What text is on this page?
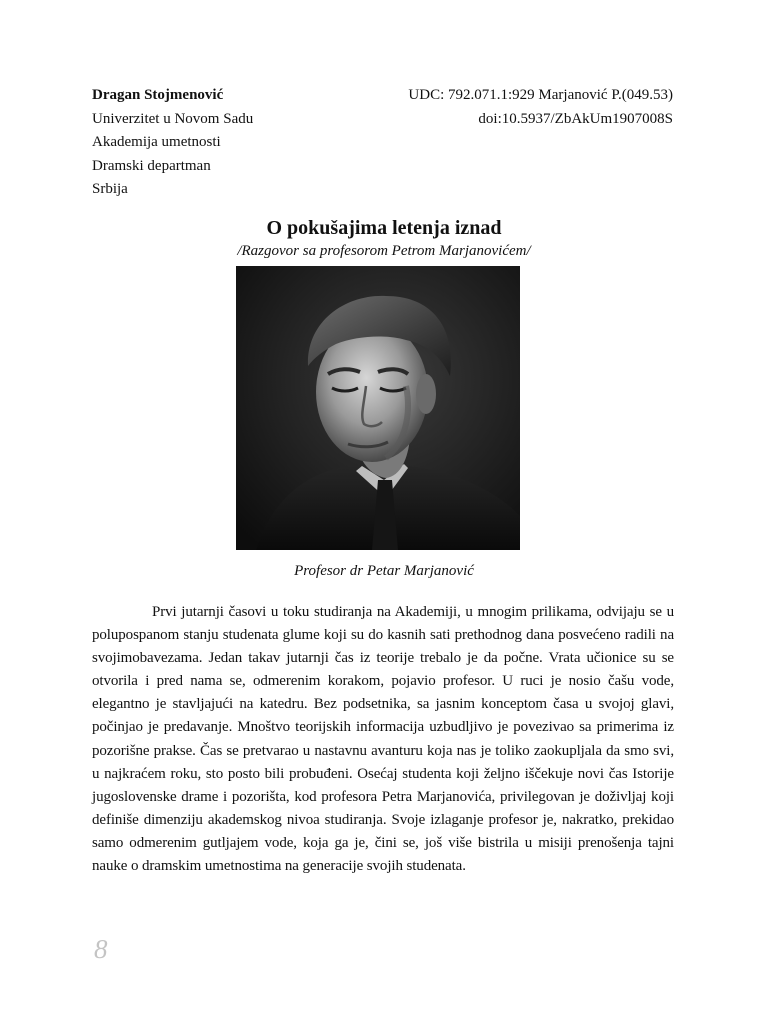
Dragan Stojmenović
Univerzitet u Novom Sadu
Akademija umetnosti
Dramski departman
Srbija
UDC: 792.071.1:929 Marjanović P.(049.53)
doi:10.5937/ZbAkUm1907008S
O pokušajima letenja iznad
/Razgovor sa profesorom Petrom Marjanovićem/
Profesor dr Petar Marjanović

Prvi jutarnji časovi u toku studiranja na Akademiji, u mnogim prilikama, odvijaju se u polupospanom stanju studenata glume koji su do kasnih sati prethodnog dana posvećeno radili na svojimobavezama. Jedan takav jutarnji čas iz teorije trebalo je da počne. Vrata učionice su se otvorila i pred nama se, odmerenim korakom, pojavio profesor. U ruci je nosio čašu vode, elegantno je stavljajući na katedru. Bez podsetnika, sa jasnim konceptom časa u svojoj glavi, počinjao je predavanje. Mnoštvo teorijskih informacija uzbudljivo je povezivao sa primerima iz pozorišne prakse. Čas se pretvarao u nastavnu avanturu koja nas je toliko zaokupljala da smo svi, u najkraćem roku, sto posto bili probuđeni. Osećaj studenta koji željno iščekuje novi čas Istorije jugoslovenske drame i pozorišta, kod profesora Petra Marjanovića, privilegovan je doživljaj koji definiše dimenziju akademskog nivoa studiranja. Svoje izlaganje profesor je, nakratko, prekidao samo odmerenim gutljajem vode, koja ga je, čini se, još više bistrila u misiji prenošenja tajni nauke o dramskim umetnostima na generacije svojih studenata.

8
